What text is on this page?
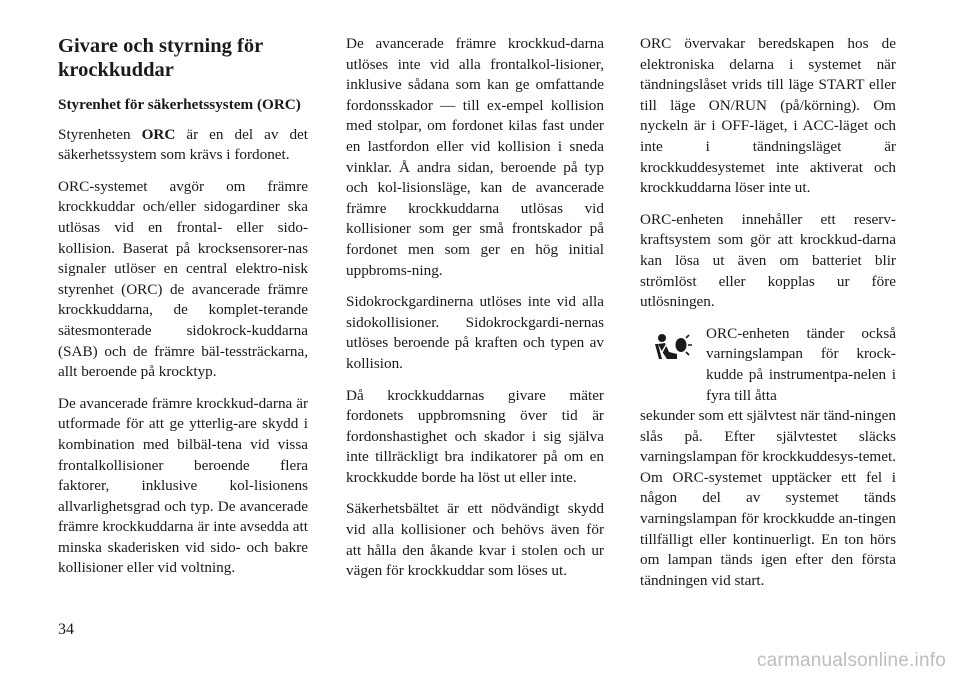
Givare och styrning för krockkuddar
Styrenhet för säkerhetssystem (ORC)

Styrenheten ORC är en del av det säkerhetssystem som krävs i fordonet.

ORC-systemet avgör om främre krockkuddar och/eller sidogardiner ska utlösas vid en frontal- eller sido-kollision. Baserat på krocksensorer-nas signaler utlöser en central elektro-nisk styrenhet (ORC) de avancerade främre krockkuddarna, de komplet-terande sätesmonterade sidokrock-kuddarna (SAB) och de främre bäl-tessträckarna, allt beroende på krocktyp.

De avancerade främre krockkud-darna är utformade för att ge ytterlig-are skydd i kombination med bilbäl-tena vid vissa frontalkollisioner beroende flera faktorer, inklusive kol-lisionens allvarlighetsgrad och typ. De avancerade främre krockkuddarna är inte avsedda att minska skaderisken vid sido- och bakre kollisioner eller vid voltning.

De avancerade främre krockkud-darna utlöses inte vid alla frontalkol-lisioner, inklusive sådana som kan ge omfattande fordonsskador — till ex-empel kollision med stolpar, om fordonet kilas fast under en lastfordon eller vid kollision i sneda vinklar. Å andra sidan, beroende på typ och kol-lisionsläge, kan de avancerade främre krockkuddarna utlösas vid kollisioner som ger små frontskador på fordonet men som ger en hög initial uppbroms-ning.

Sidokrockgardinerna utlöses inte vid alla sidokollisioner. Sidokrockgardi-nernas utlöses beroende på kraften och typen av kollision.

Då krockkuddarnas givare mäter fordonets uppbromsning över tid är fordonshastighet och skador i sig själva inte tillräckligt bra indikatorer på om en krockkudde borde ha löst ut eller inte.

Säkerhetsbältet är ett nödvändigt skydd vid alla kollisioner och behövs även för att hålla den åkande kvar i stolen och ur vägen för krockkuddar som löses ut.

ORC övervakar beredskapen hos de elektroniska delarna i systemet när tändningslåset vrids till läge START eller till läge ON/RUN (på/körning). Om nyckeln är i OFF-läget, i ACC-läget och inte i tändningsläget är krockkuddesystemet inte aktiverat och krockkuddarna löser inte ut.

ORC-enheten innehåller ett reserv-kraftsystem som gör att krockkud-darna kan lösa ut även om batteriet blir strömlöst eller kopplas ur före utlösningen.

ORC-enheten tänder också varningslampan för krock-kudde på instrumentpa-nelen i fyra till åtta

sekunder som ett självtest när tänd-ningen slås på. Efter självtestet släcks varningslampan för krockkuddesys-temet. Om ORC-systemet upptäcker ett fel i någon del av systemet tänds varningslampan för krockkudde an-tingen tillfälligt eller kontinuerligt. En ton hörs om lampan tänds igen efter den första tändningen vid start.

34
carmanualsonline.info
